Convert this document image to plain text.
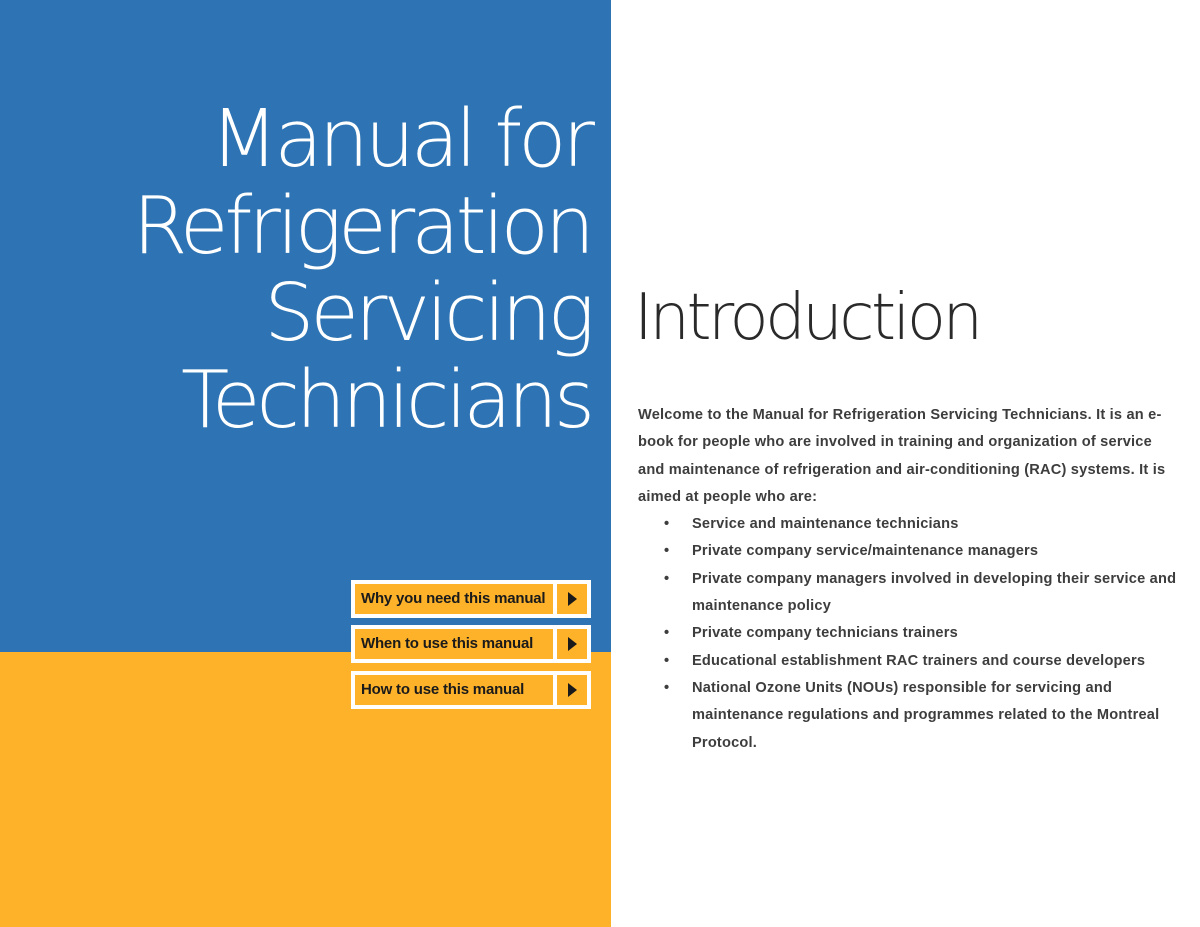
Manual for
Refrigeration
Servicing
Technicians
Why you need this manual
When to use this manual
How to use this manual
Introduction

Welcome to the Manual for Refrigeration Servicing Technicians. It is an e-book for people who are involved in training and organization of service and maintenance of refrigeration and air-conditioning (RAC) systems. It is aimed at people who are:

• Service and maintenance technicians
• Private company service/maintenance managers
• Private company managers involved in developing their service and maintenance policy
• Private company technicians trainers
• Educational establishment RAC trainers and course developers
• National Ozone Units (NOUs) responsible for servicing and maintenance regulations and programmes related to the Montreal Protocol.
